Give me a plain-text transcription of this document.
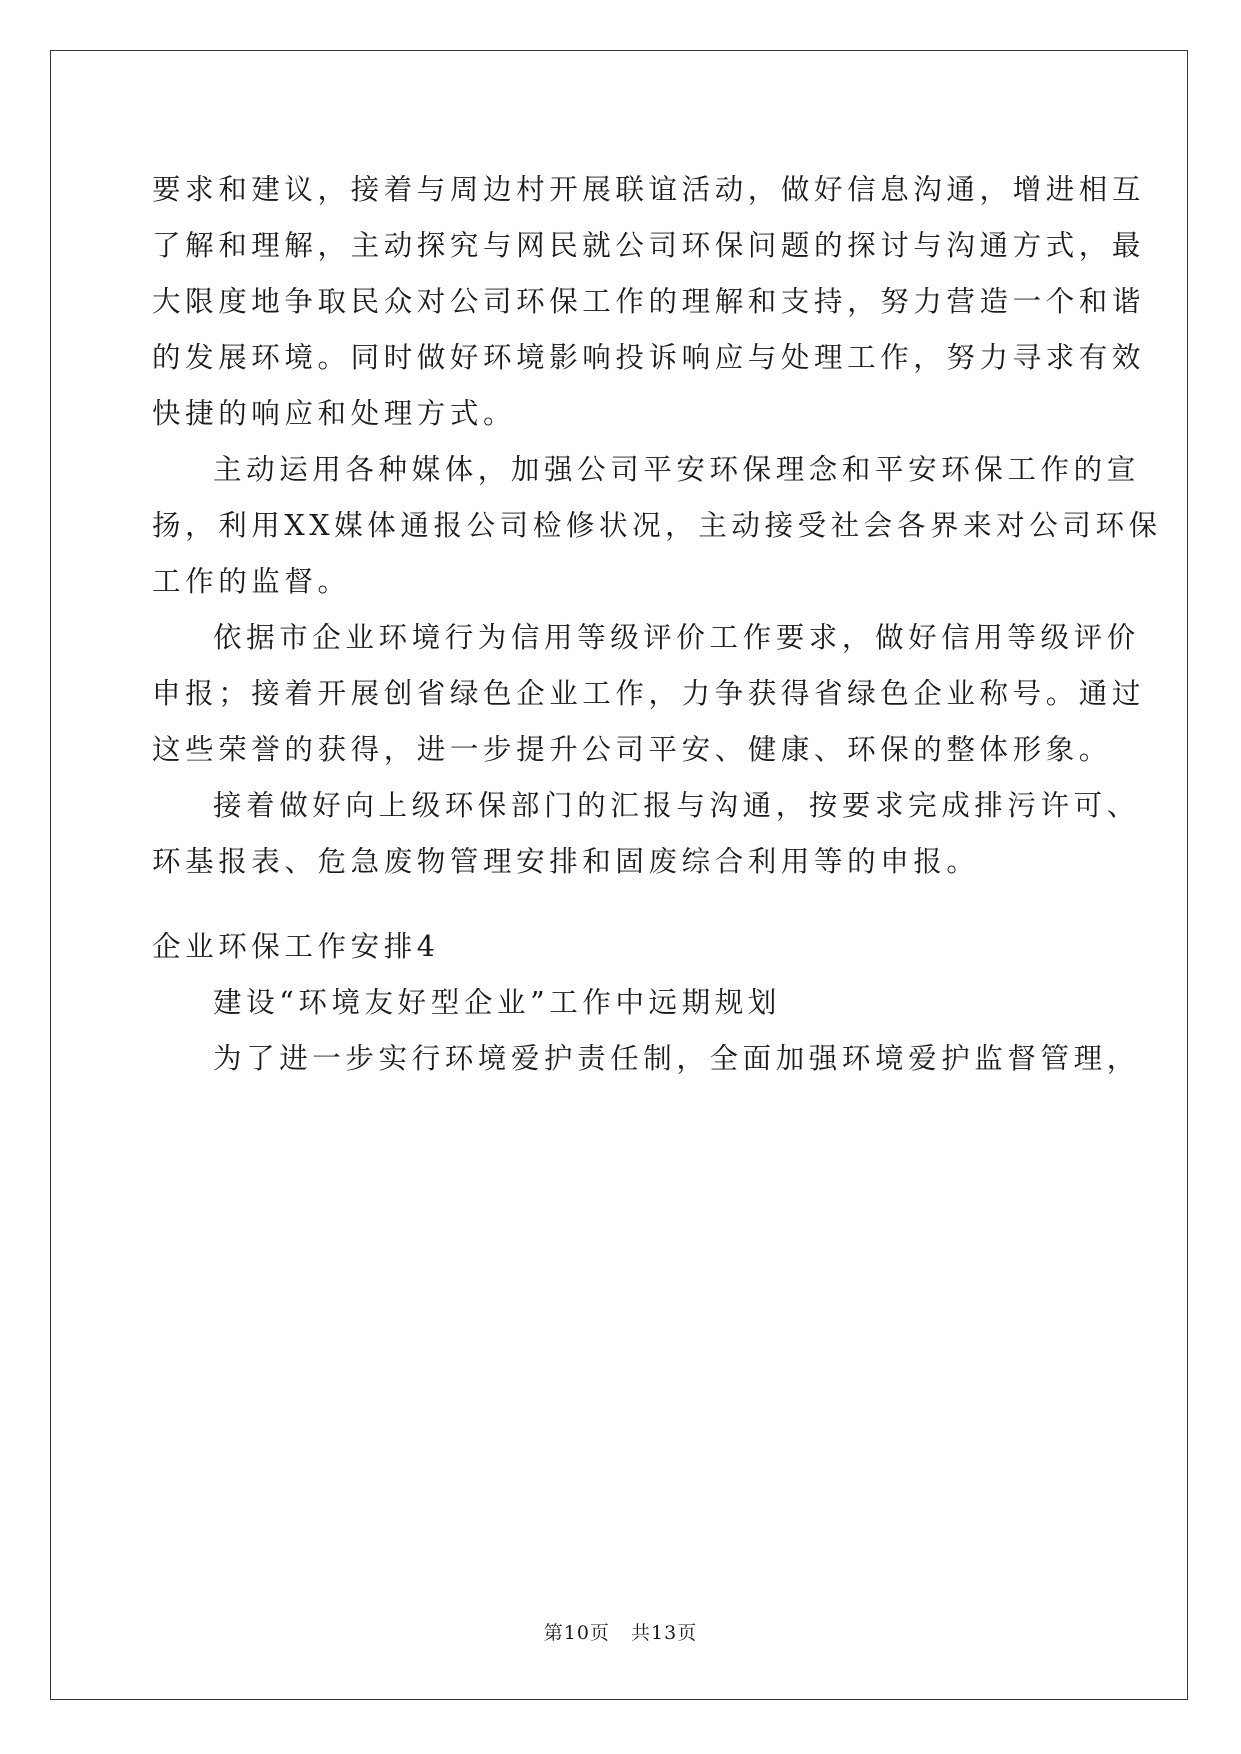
要求和建议，接着与周边村开展联谊活动，做好信息沟通，增进相互
了解和理解，主动探究与网民就公司环保问题的探讨与沟通方式，最
大限度地争取民众对公司环保工作的理解和支持，努力营造一个和谐
的发展环境。同时做好环境影响投诉响应与处理工作，努力寻求有效
快捷的响应和处理方式。
主动运用各种媒体，加强公司平安环保理念和平安环保工作的宣
扬，利用XX媒体通报公司检修状况，主动接受社会各界来对公司环保
工作的监督。
依据市企业环境行为信用等级评价工作要求，做好信用等级评价
申报；接着开展创省绿色企业工作，力争获得省绿色企业称号。通过
这些荣誉的获得，进一步提升公司平安、健康、环保的整体形象。
接着做好向上级环保部门的汇报与沟通，按要求完成排污许可、
环基报表、危急废物管理安排和固废综合利用等的申报。
企业环保工作安排4
建设“环境友好型企业”工作中远期规划
为了进一步实行环境爱护责任制，全面加强环境爱护监督管理，
第10页   共13页
